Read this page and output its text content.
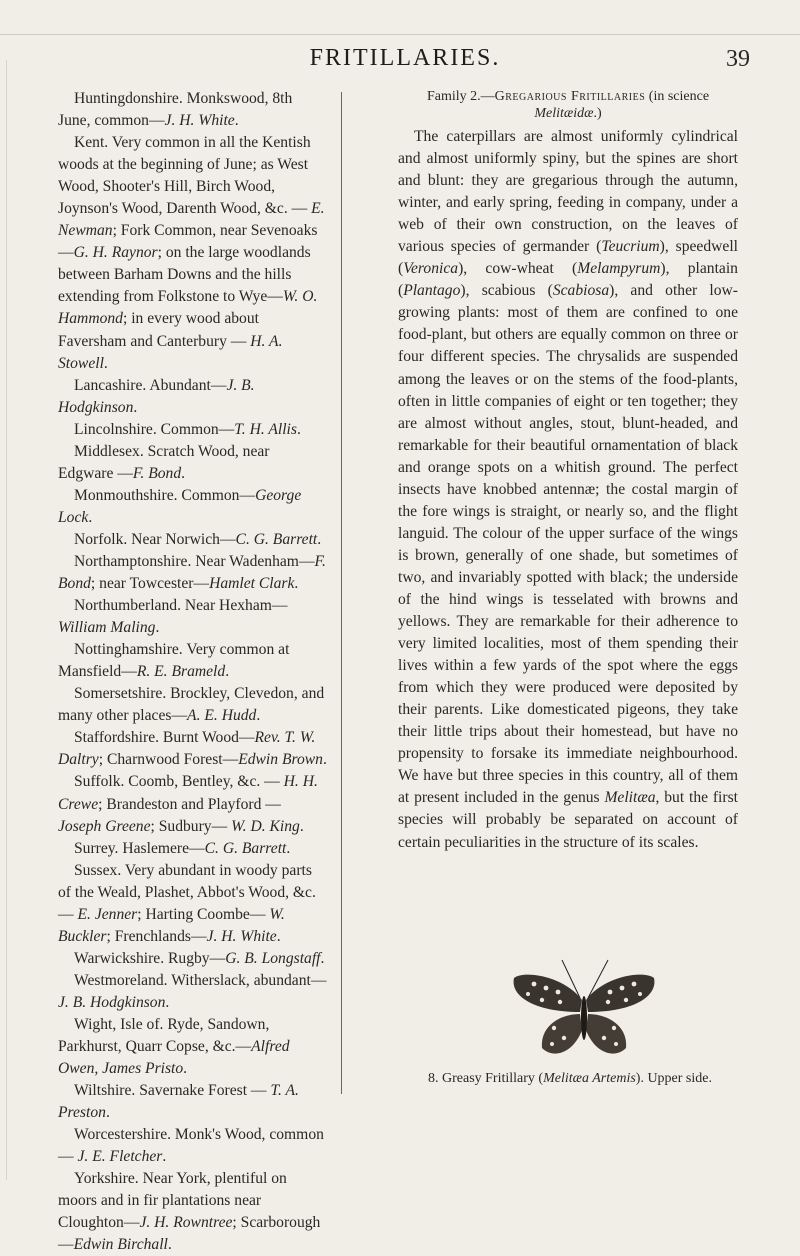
FRITILLARIES.	39

Huntingdonshire. Monkswood, 8th June, common—J. H. White.

Kent. Very common in all the Kentish woods at the beginning of June; as West Wood, Shooter's Hill, Birch Wood, Joynson's Wood, Darenth Wood, &c. — E. Newman; Fork Common, near Sevenoaks—G. H. Raynor; on the large woodlands between Barham Downs and the hills extending from Folkstone to Wye—W. O. Hammond; in every wood about Faversham and Canterbury — H. A. Stowell.

Lancashire. Abundant—J. B. Hodgkinson.

Lincolnshire. Common—T. H. Allis.

Middlesex. Scratch Wood, near Edgware —F. Bond.

Monmouthshire. Common—George Lock.

Norfolk. Near Norwich—C. G. Barrett.

Northamptonshire. Near Wadenham—F. Bond; near Towcester—Hamlet Clark.

Northumberland. Near Hexham— William Maling.

Nottinghamshire. Very common at Mansfield—R. E. Brameld.

Somersetshire. Brockley, Clevedon, and many other places—A. E. Hudd.

Staffordshire. Burnt Wood—Rev. T. W. Daltry; Charnwood Forest—Edwin Brown.

Suffolk. Coomb, Bentley, &c. — H. H. Crewe; Brandeston and Playford — Joseph Greene; Sudbury— W. D. King.

Surrey. Haslemere—C. G. Barrett.

Sussex. Very abundant in woody parts of the Weald, Plashet, Abbot's Wood, &c.— E. Jenner; Harting Coombe— W. Buckler; Frenchlands—J. H. White.

Warwickshire. Rugby—G. B. Longstaff.

Westmoreland. Witherslack, abundant—J. B. Hodgkinson.

Wight, Isle of. Ryde, Sandown, Parkhurst, Quarr Copse, &c.—Alfred Owen, James Pristo.

Wiltshire. Savernake Forest — T. A. Preston.

Worcestershire. Monk's Wood, common— J. E. Fletcher.

Yorkshire. Near York, plentiful on moors and in fir plantations near Cloughton—J. H. Rowntree; Scarborough—Edwin Birchall.

Family 2.—Gregarious Fritillaries (in science
Melitæidæ.)

The caterpillars are almost uniformly cylindrical and almost uniformly spiny, but the spines are short and blunt: they are gregarious through the autumn, winter, and early spring, feeding in company, under a web of their own construction, on the leaves of various species of germander (Teucrium), speedwell (Veronica), cow-wheat (Melampyrum), plantain (Plantago), scabious (Scabiosa), and other low-growing plants: most of them are confined to one food-plant, but others are equally common on three or four different species. The chrysalids are suspended among the leaves or on the stems of the food-plants, often in little companies of eight or ten together; they are almost without angles, stout, blunt-headed, and remarkable for their beautiful ornamentation of black and orange spots on a whitish ground. The perfect insects have knobbed antennæ; the costal margin of the fore wings is straight, or nearly so, and the flight languid. The colour of the upper surface of the wings is brown, generally of one shade, but sometimes of two, and invariably spotted with black; the underside of the hind wings is tesselated with browns and yellows. They are remarkable for their adherence to very limited localities, most of them spending their lives within a few yards of the spot where the eggs from which they were produced were deposited by their parents. Like domesticated pigeons, they take their little trips about their homestead, but have no propensity to forsake its immediate neighbourhood. We have but three species in this country, all of them at present included in the genus Melitæa, but the first species will probably be separated on account of certain peculiarities in the structure of its scales.

8. Greasy Fritillary (Melitæa Artemis). Upper side.
